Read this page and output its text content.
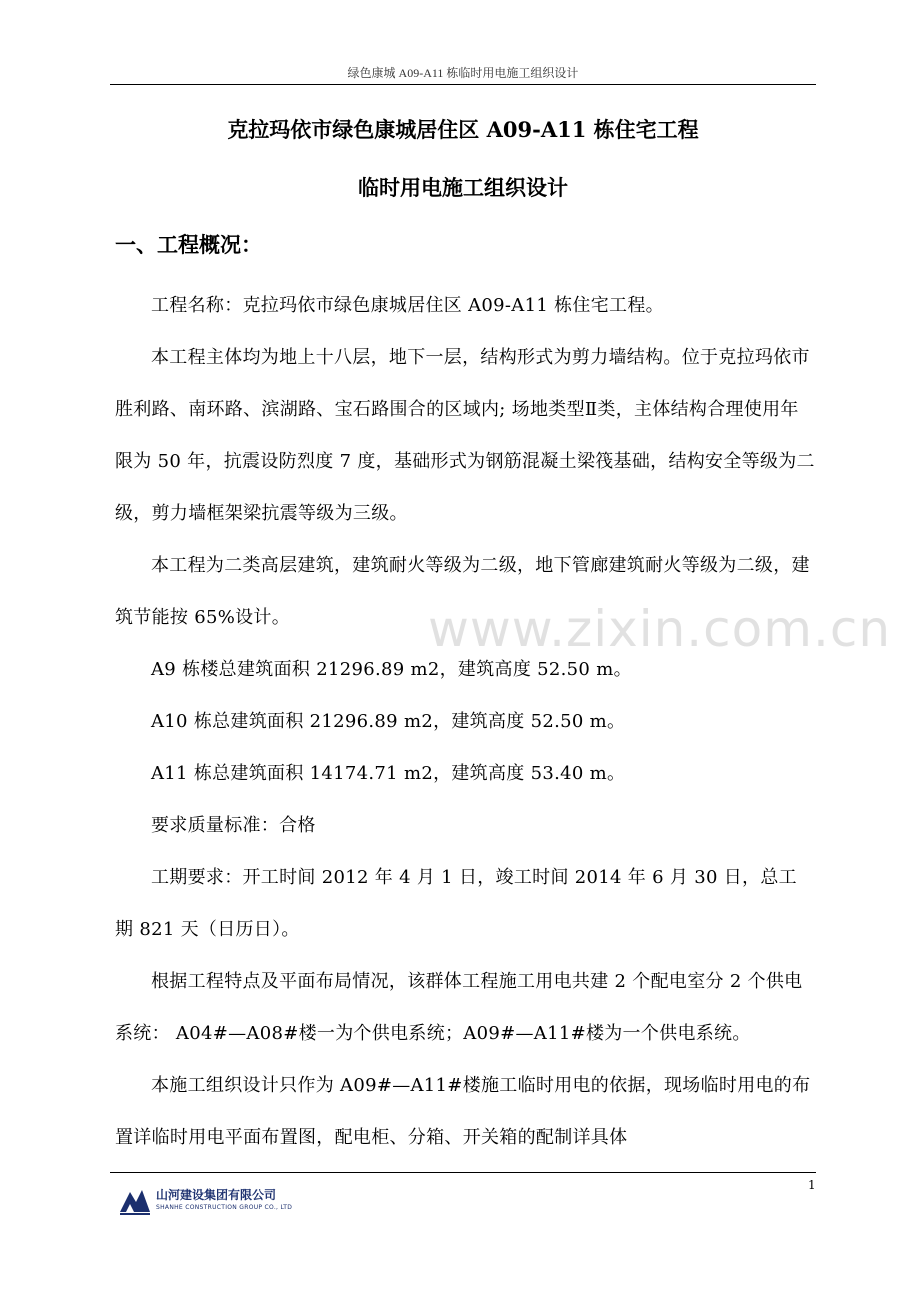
绿色康城 A09-A11 栋临时用电施工组织设计
克拉玛依市绿色康城居住区 A09-A11 栋住宅工程
临时用电施工组织设计
一、工程概况：

工程名称：克拉玛依市绿色康城居住区 A09-A11 栋住宅工程。

本工程主体均为地上十八层，地下一层，结构形式为剪力墙结构。位于克拉玛依市胜利路、南环路、滨湖路、宝石路围合的区域内; 场地类型Ⅱ类，主体结构合理使用年限为 50 年，抗震设防烈度 7 度，基础形式为钢筋混凝土梁筏基础，结构安全等级为二级，剪力墙框架梁抗震等级为三级。

本工程为二类高层建筑，建筑耐火等级为二级，地下管廊建筑耐火等级为二级，建筑节能按 65%设计。

A9 栋楼总建筑面积 21296.89 m2，建筑高度 52.50 m。

A10 栋总建筑面积 21296.89 m2，建筑高度 52.50 m。

A11 栋总建筑面积 14174.71 m2，建筑高度 53.40 m。

要求质量标准：合格

工期要求：开工时间 2012 年 4 月 1 日，竣工时间 2014 年 6 月 30 日，总工期 821 天（日历日）。

根据工程特点及平面布局情况，该群体工程施工用电共建 2 个配电室分 2 个供电系统： A04#—A08#楼一为个供电系统；A09#—A11#楼为一个供电系统。

本施工组织设计只作为 A09#—A11#楼施工临时用电的依据，现场临时用电的布置详临时用电平面布置图，配电柜、分箱、开关箱的配制详具体

www.zixin.com.cn
1
山河建设集团有限公司
SHANHE CONSTRUCTION GROUP CO., LTD
